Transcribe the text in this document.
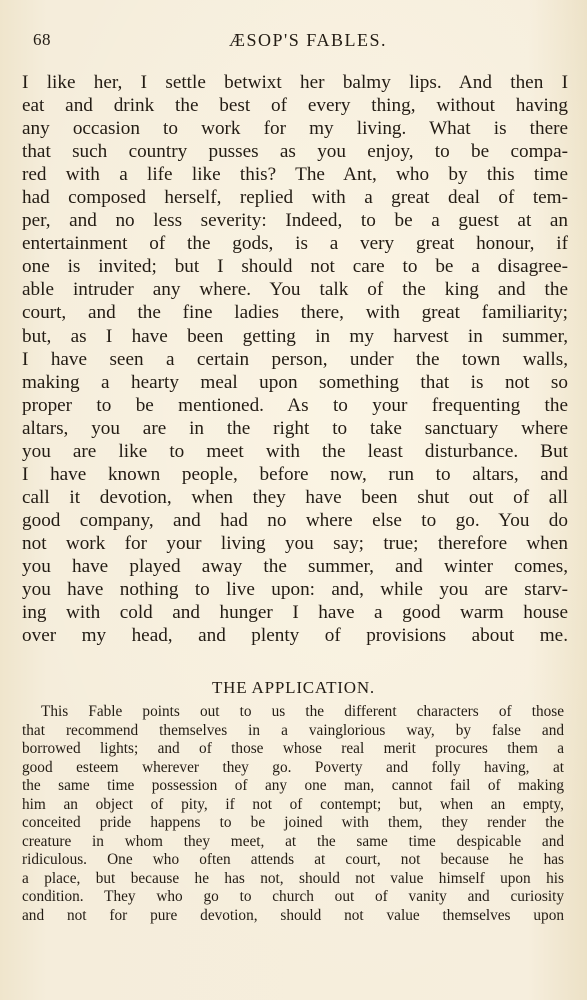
68	ÆSOP'S FABLES.
I like her, I settle betwixt her balmy lips. And then I
eat and drink the best of every thing, without having
any occasion to work for my living. What is there
that such country pusses as you enjoy, to be compa-
red with a life like this? The Ant, who by this time
had composed herself, replied with a great deal of tem-
per, and no less severity: Indeed, to be a guest at an
entertainment of the gods, is a very great honour, if
one is invited; but I should not care to be a disagree-
able intruder any where. You talk of the king and the
court, and the fine ladies there, with great familiarity;
but, as I have been getting in my harvest in summer,
I have seen a certain person, under the town walls,
making a hearty meal upon something that is not so
proper to be mentioned. As to your frequenting the
altars, you are in the right to take sanctuary where
you are like to meet with the least disturbance. But
I have known people, before now, run to altars, and
call it devotion, when they have been shut out of all
good company, and had no where else to go. You do
not work for your living you say; true; therefore when
you have played away the summer, and winter comes,
you have nothing to live upon: and, while you are starv-
ing with cold and hunger I have a good warm house
over my head, and plenty of provisions about me.
THE APPLICATION.
This Fable points out to us the different characters of those
that recommend themselves in a vainglorious way, by false and
borrowed lights; and of those whose real merit procures them a
good esteem wherever they go. Poverty and folly having, at
the same time possession of any one man, cannot fail of making
him an object of pity, if not of contempt; but, when an empty,
conceited pride happens to be joined with them, they render the
creature in whom they meet, at the same time despicable and
ridiculous. One who often attends at court, not because he has
a place, but because he has not, should not value himself upon his
condition. They who go to church out of vanity and curiosity
and not for pure devotion, should not value themselves upon
